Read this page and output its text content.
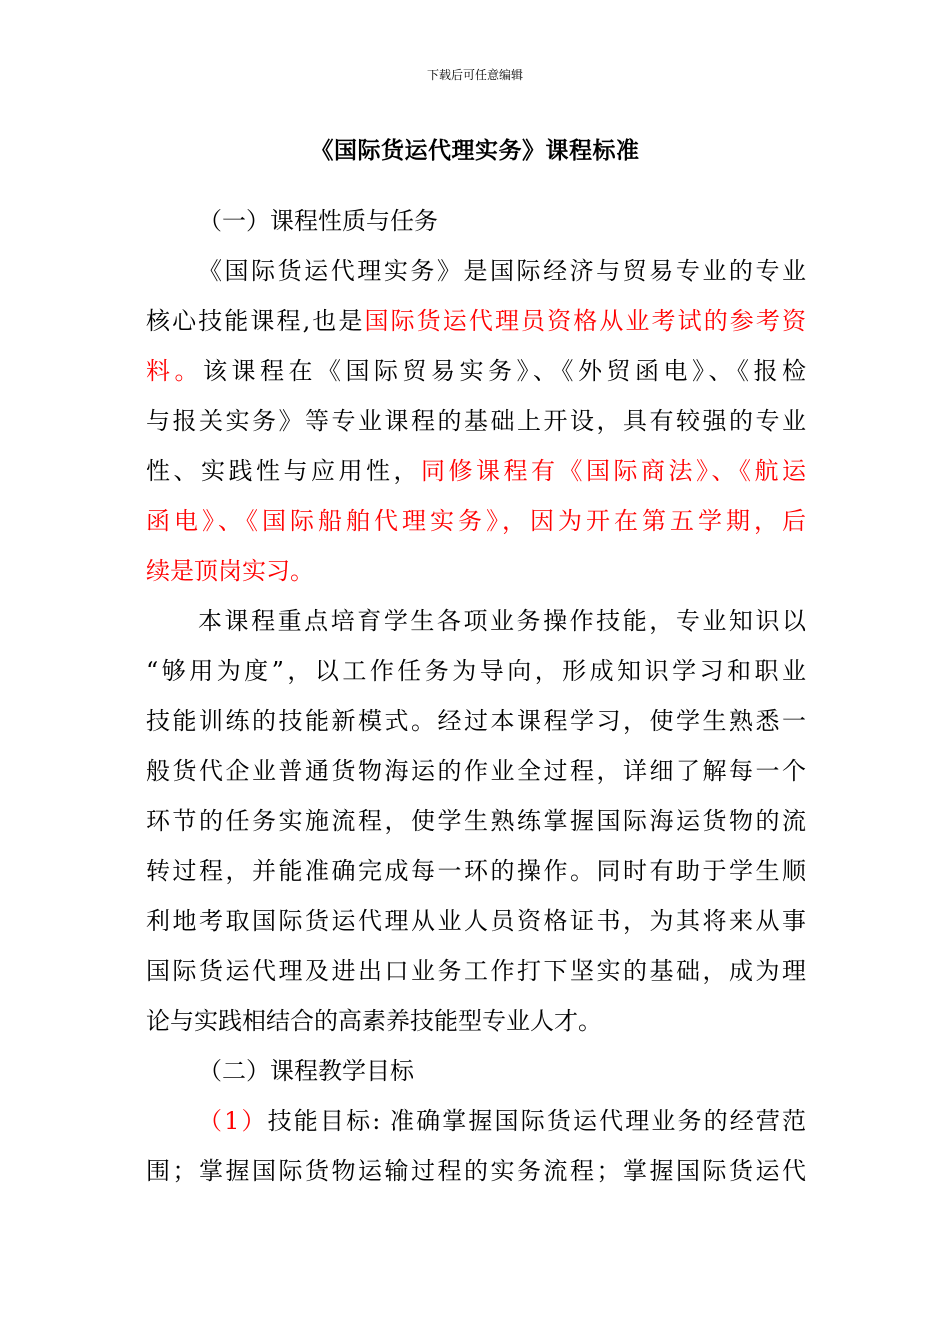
下载后可任意编辑
《国际货运代理实务》课程标准
（一）课程性质与任务
《国际货运代理实务》是国际经济与贸易专业的专业
核心技能课程,也是国际货运代理员资格从业考试的参考资
料。该课程在《国际贸易实务》、《外贸函电》、《报检
与报关实务》等专业课程的基础上开设，具有较强的专业
性、实践性与应用性，同修课程有《国际商法》、《航运
函电》、《国际船舶代理实务》，因为开在第五学期，后
续是顶岗实习。
本课程重点培育学生各项业务操作技能，专业知识以
“够用为度”，以工作任务为导向，形成知识学习和职业
技能训练的技能新模式。经过本课程学习，使学生熟悉一
般货代企业普通货物海运的作业全过程，详细了解每一个
环节的任务实施流程，使学生熟练掌握国际海运货物的流
转过程，并能准确完成每一环的操作。同时有助于学生顺
利地考取国际货运代理从业人员资格证书，为其将来从事
国际货运代理及进出口业务工作打下坚实的基础，成为理
论与实践相结合的高素养技能型专业人才。
（二）课程教学目标
（1）技能目标: 准确掌握国际货运代理业务的经营范
围；掌握国际货物运输过程的实务流程；掌握国际货运代
